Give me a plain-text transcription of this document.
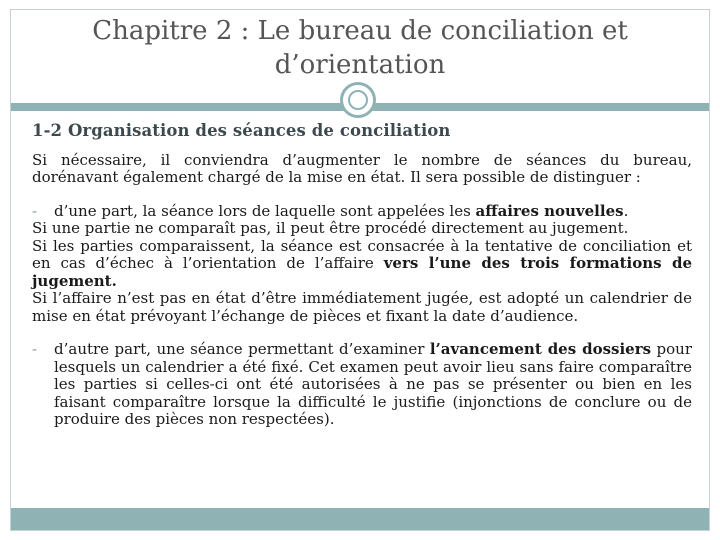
Chapitre 2 : Le bureau de conciliation et
d’orientation
1-2 Organisation des séances de conciliation

Si nécessaire, il conviendra d’augmenter le nombre de séances du bureau, dorénavant également chargé de la mise en état. Il sera possible de distinguer :

-	d’une part, la séance lors de laquelle sont appelées les affaires nouvelles.

Si une partie ne comparaît pas, il peut être procédé directement au jugement.

Si les parties comparaissent, la séance est consacrée à la tentative de conciliation et en cas d’échec à l’orientation de l’affaire vers l’une des trois formations de jugement.

Si l’affaire n’est pas en état d’être immédiatement jugée, est adopté un calendrier de mise en état prévoyant l’échange de pièces et fixant la date d’audience.

-	d’autre part, une séance permettant d’examiner l’avancement des dossiers pour lesquels un calendrier a été fixé. Cet examen peut avoir lieu sans faire comparaître les parties si celles-ci ont été autorisées à ne pas se présenter ou bien en les faisant comparaître lorsque la difficulté le justifie (injonctions de conclure ou de produire des pièces non respectées).
